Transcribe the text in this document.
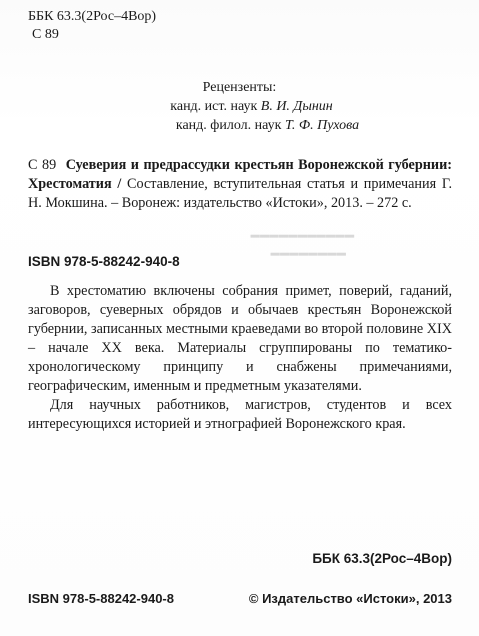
━━━━━━━━━━━
━━━━━━━━
ББК 63.3(2Рос–4Вор)
С 89
Рецензенты:
канд. ист. наук В. И. Дынин
канд. филол. наук Т. Ф. Пухова
С 89 Суеверия и предрассудки крестьян Воронежской губернии: Хрестоматия / Составление, вступительная статья и примечания Г. Н. Мокшина. – Воронеж: издательство «Истоки», 2013. – 272 с.
ISBN 978-5-88242-940-8

В хрестоматию включены собрания примет, поверий, гаданий, заговоров, суеверных обрядов и обычаев крестьян Воронежской губернии, записанных местными краеведами во второй половине XIX – начале XX века. Материалы сгруппированы по тематико-хронологическому принципу и снабжены примечаниями, географическим, именным и предметным указателями.

Для научных работников, магистров, студентов и всех интересующихся историей и этнографией Воронежского края.

ББК 63.3(2Рос–4Вор)
ISBN 978-5-88242-940-8	© Издательство «Истоки», 2013
